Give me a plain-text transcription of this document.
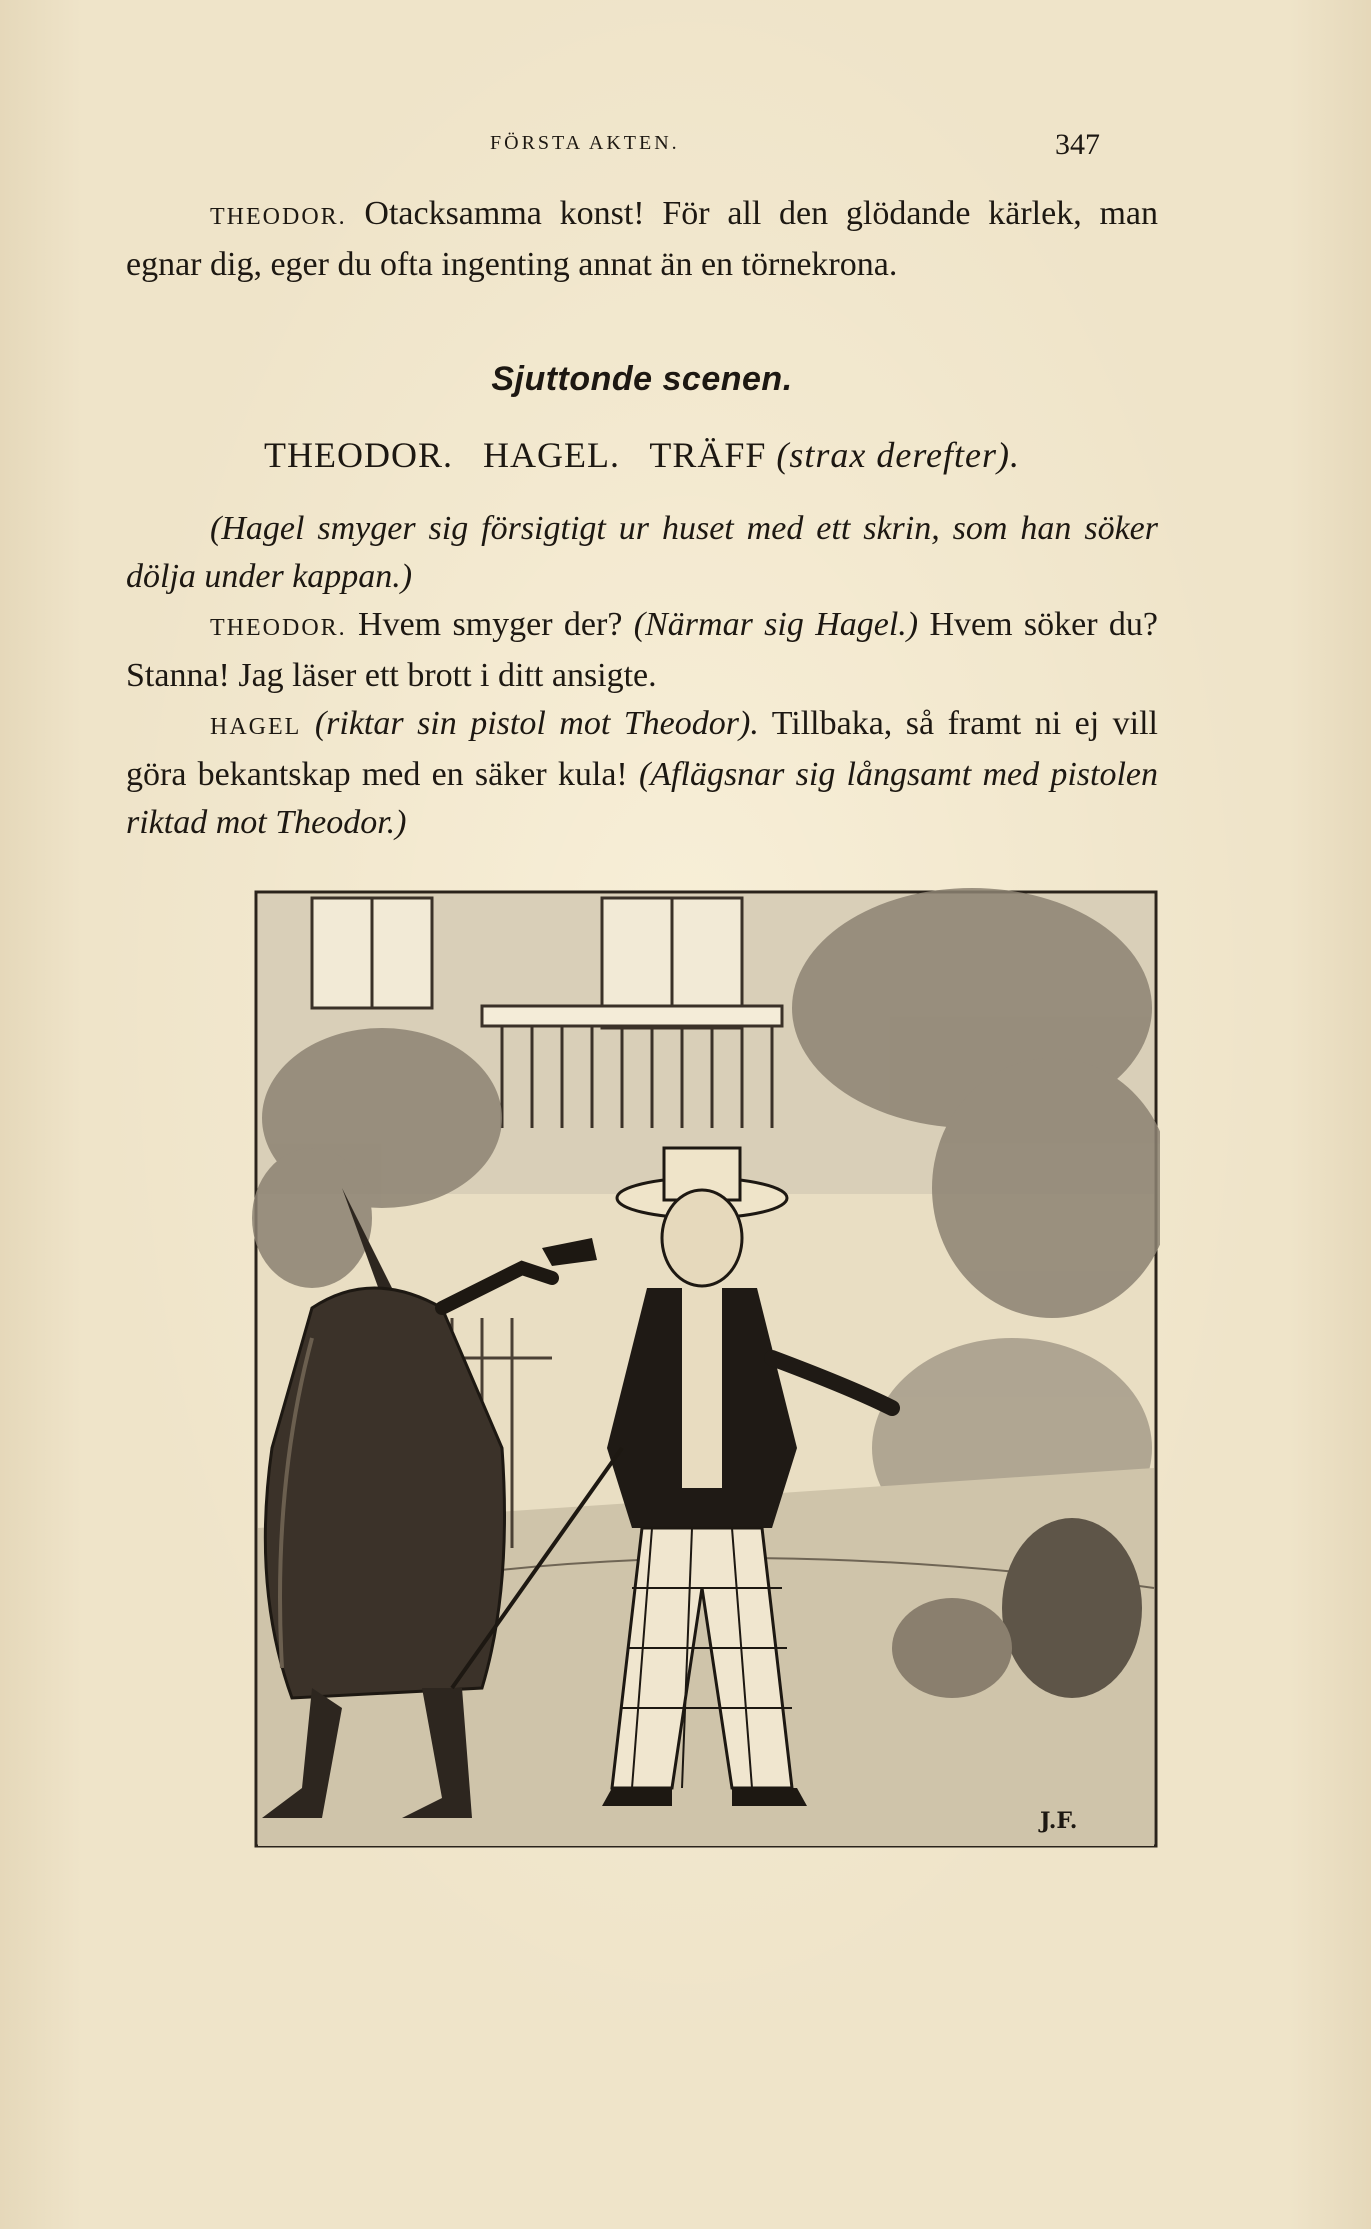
FÖRSTA AKTEN.	347

THEODOR. Otacksamma konst! För all den glödande kärlek, man egnar dig, eger du ofta ingenting annat än en törnekrona.

Sjuttonde scenen.
THEODOR.   HAGEL.   TRÄFF (strax derefter).

(Hagel smyger sig försigtigt ur huset med ett skrin, som han söker dölja under kappan.)

THEODOR. Hvem smyger der? (Närmar sig Hagel.) Hvem söker du? Stanna! Jag läser ett brott i ditt ansigte.

HAGEL (riktar sin pistol mot Theodor). Tillbaka, så framt ni ej vill göra bekantskap med en säker kula! (Aflägsnar sig långsamt med pistolen riktad mot Theodor.)

J.F.
